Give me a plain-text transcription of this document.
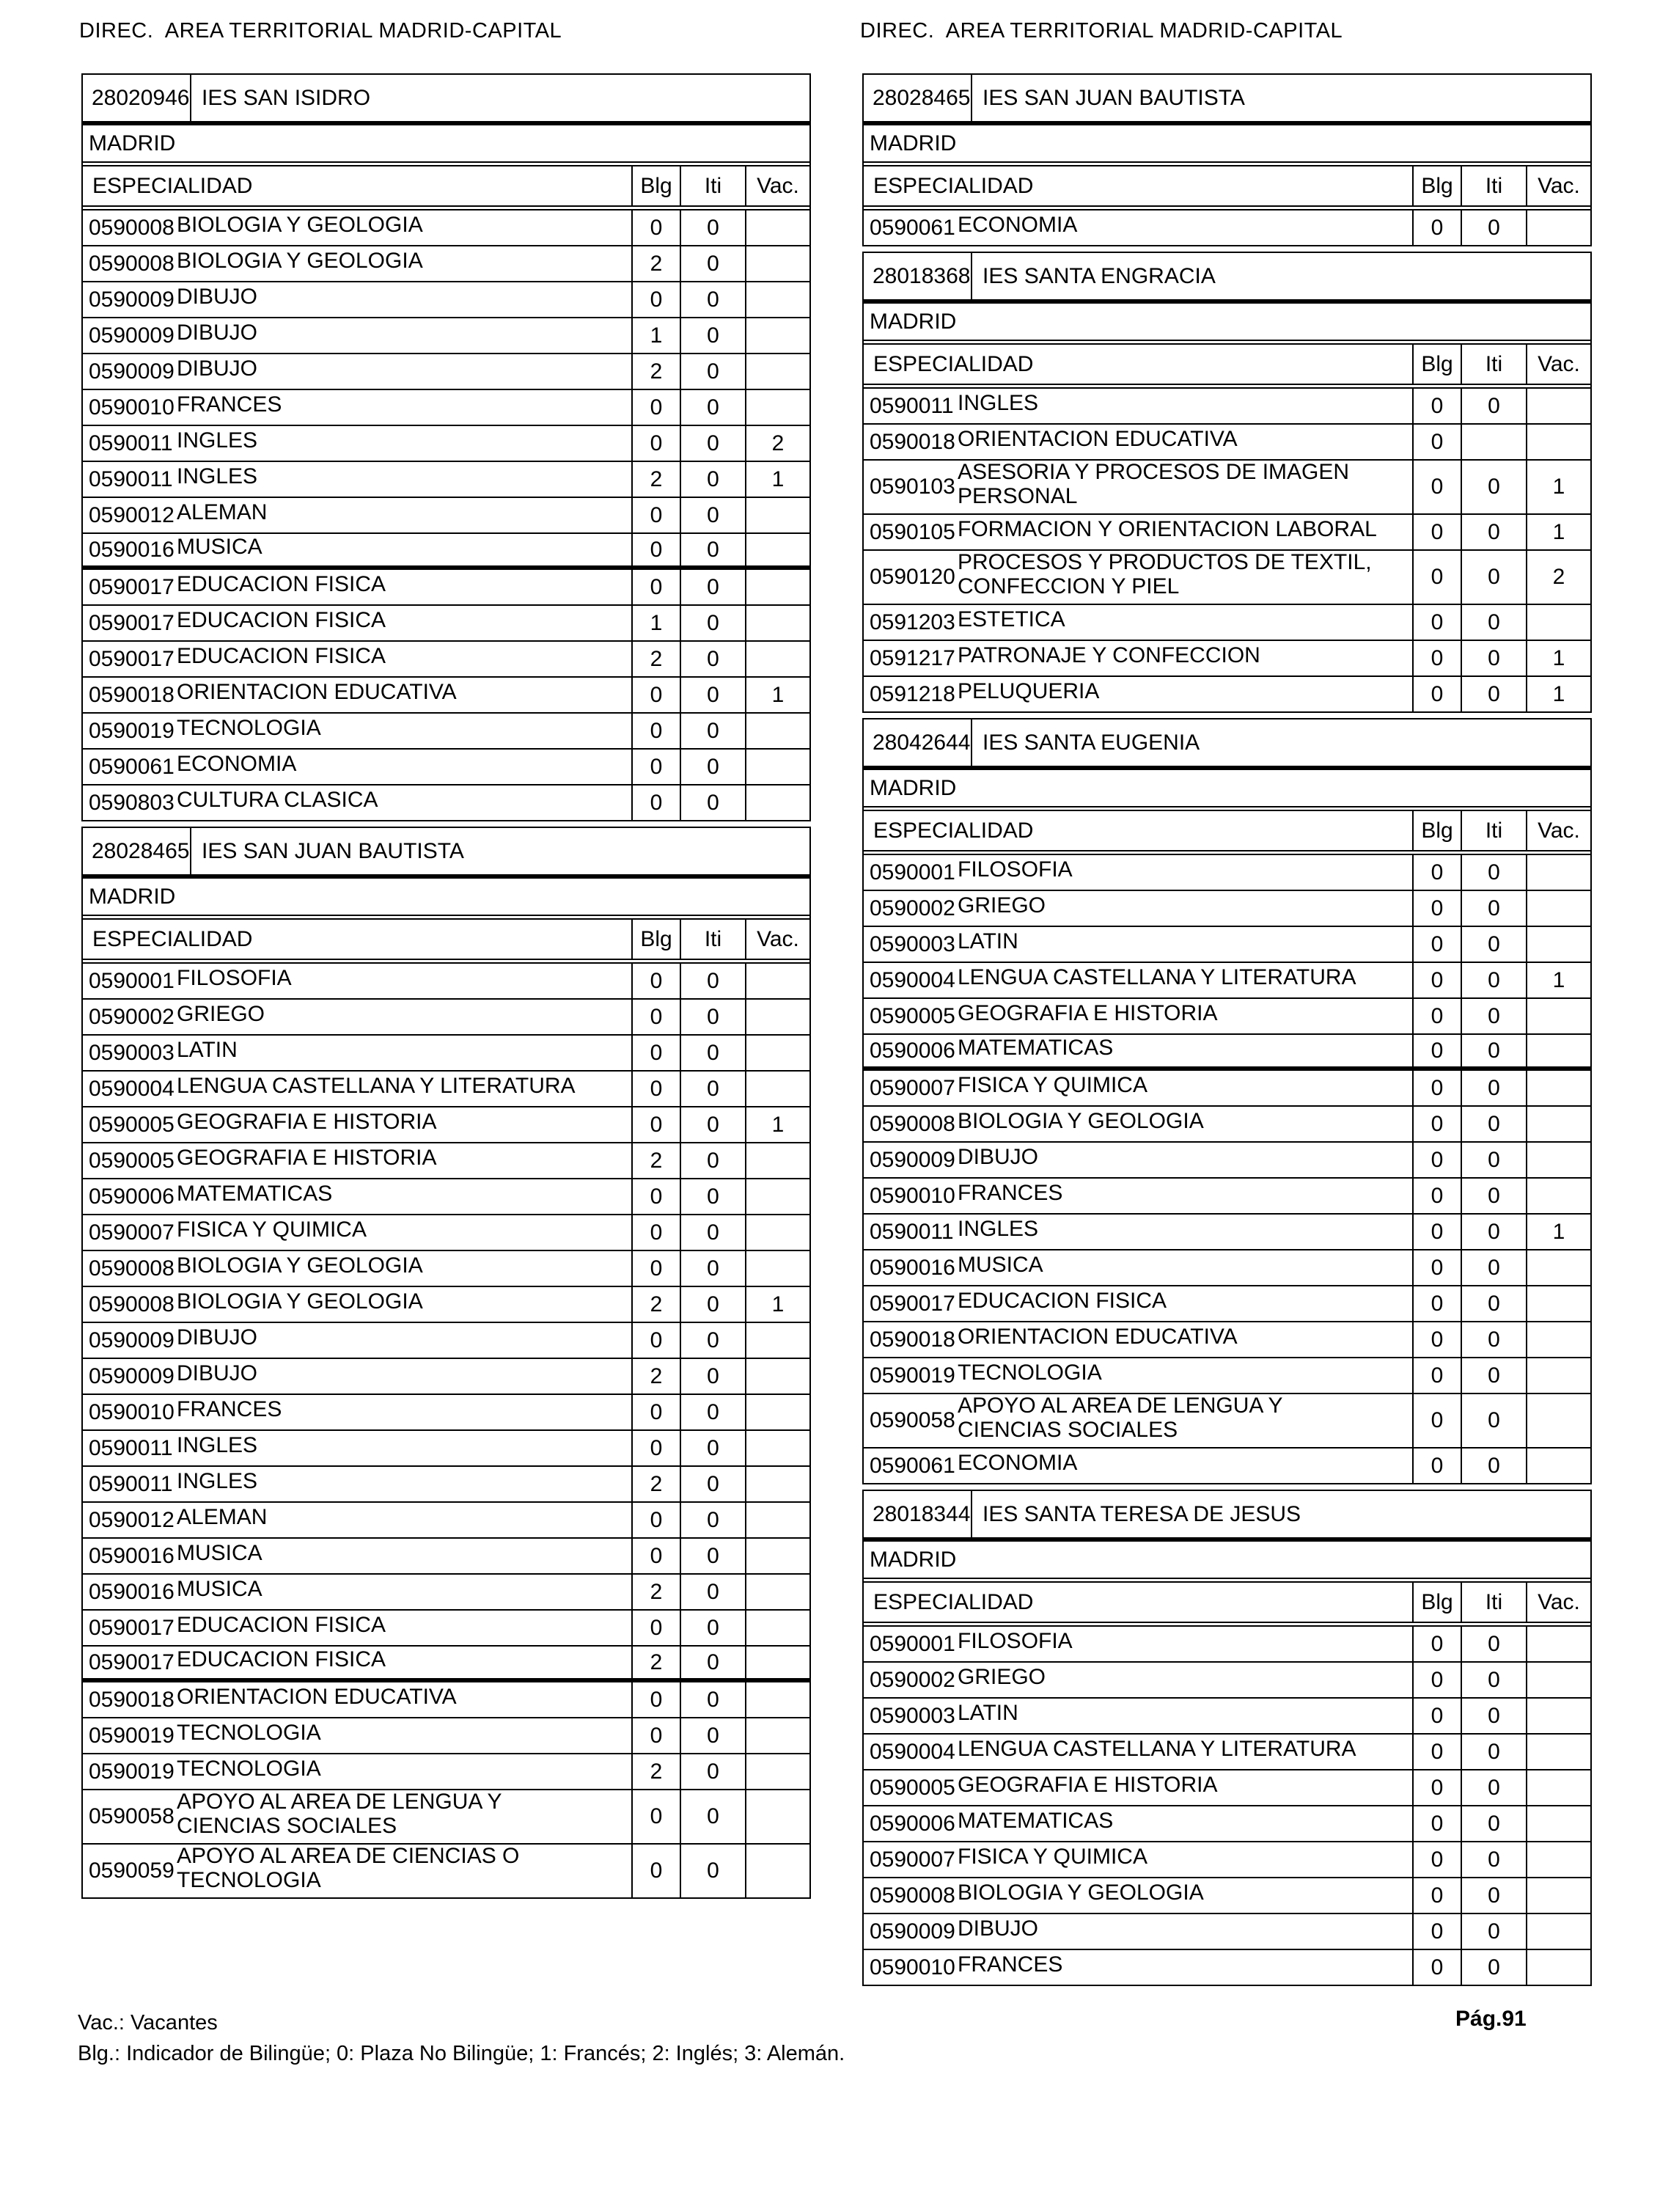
DIREC.  AREA TERRITORIAL MADRID-CAPITAL	DIREC.  AREA TERRITORIAL MADRID-CAPITAL
28020946 IES SAN ISIDRO
MADRID
ESPECIALIDAD	Blg	Iti	Vac.
0590008 BIOLOGIA Y GEOLOGIA	0	0
0590008 BIOLOGIA Y GEOLOGIA	2	0
0590009 DIBUJO	0	0
0590009 DIBUJO	1	0
0590009 DIBUJO	2	0
0590010 FRANCES	0	0
0590011 INGLES	0	0	2
0590011 INGLES	2	0	1
0590012 ALEMAN	0	0
0590016 MUSICA	0	0
0590017 EDUCACION FISICA	0	0
0590017 EDUCACION FISICA	1	0
0590017 EDUCACION FISICA	2	0
0590018 ORIENTACION EDUCATIVA	0	0	1
0590019 TECNOLOGIA	0	0
0590061 ECONOMIA	0	0
0590803 CULTURA CLASICA	0	0
28028465 IES SAN JUAN BAUTISTA
MADRID
ESPECIALIDAD	Blg	Iti	Vac.
0590001 FILOSOFIA	0	0
0590002 GRIEGO	0	0
0590003 LATIN	0	0
0590004 LENGUA CASTELLANA Y LITERATURA	0	0
0590005 GEOGRAFIA E HISTORIA	0	0	1
0590005 GEOGRAFIA E HISTORIA	2	0
0590006 MATEMATICAS	0	0
0590007 FISICA Y QUIMICA	0	0
0590008 BIOLOGIA Y GEOLOGIA	0	0
0590008 BIOLOGIA Y GEOLOGIA	2	0	1
0590009 DIBUJO	0	0
0590009 DIBUJO	2	0
0590010 FRANCES	0	0
0590011 INGLES	0	0
0590011 INGLES	2	0
0590012 ALEMAN	0	0
0590016 MUSICA	0	0
0590016 MUSICA	2	0
0590017 EDUCACION FISICA	0	0
0590017 EDUCACION FISICA	2	0
0590018 ORIENTACION EDUCATIVA	0	0
0590019 TECNOLOGIA	0	0
0590019 TECNOLOGIA	2	0
0590058
APOYO AL AREA DE LENGUA Y
CIENCIAS SOCIALES	0	0
0590059
APOYO AL AREA DE CIENCIAS O
TECNOLOGIA	0	0
28028465 IES SAN JUAN BAUTISTA
MADRID
ESPECIALIDAD	Blg	Iti	Vac.
0590061 ECONOMIA	0	0
28018368 IES SANTA ENGRACIA
MADRID
ESPECIALIDAD	Blg	Iti	Vac.
0590011 INGLES	0	0
0590018 ORIENTACION EDUCATIVA	0
0590103
ASESORIA Y PROCESOS DE IMAGEN
PERSONAL	0	0	1
0590105 FORMACION Y ORIENTACION LABORAL	0	0	1
0590120
PROCESOS Y PRODUCTOS DE TEXTIL,
CONFECCION Y PIEL	0	0	2
0591203 ESTETICA	0	0
0591217 PATRONAJE Y CONFECCION	0	0	1
0591218 PELUQUERIA	0	0	1
28042644 IES SANTA EUGENIA
MADRID
ESPECIALIDAD	Blg	Iti	Vac.
0590001 FILOSOFIA	0	0
0590002 GRIEGO	0	0
0590003 LATIN	0	0
0590004 LENGUA CASTELLANA Y LITERATURA	0	0	1
0590005 GEOGRAFIA E HISTORIA	0	0
0590006 MATEMATICAS	0	0
0590007 FISICA Y QUIMICA	0	0
0590008 BIOLOGIA Y GEOLOGIA	0	0
0590009 DIBUJO	0	0
0590010 FRANCES	0	0
0590011 INGLES	0	0	1
0590016 MUSICA	0	0
0590017 EDUCACION FISICA	0	0
0590018 ORIENTACION EDUCATIVA	0	0
0590019 TECNOLOGIA	0	0
0590058
APOYO AL AREA DE LENGUA Y
CIENCIAS SOCIALES	0	0
0590061 ECONOMIA	0	0
28018344 IES SANTA TERESA DE JESUS
MADRID
ESPECIALIDAD	Blg	Iti	Vac.
0590001 FILOSOFIA	0	0
0590002 GRIEGO	0	0
0590003 LATIN	0	0
0590004 LENGUA CASTELLANA Y LITERATURA	0	0
0590005 GEOGRAFIA E HISTORIA	0	0
0590006 MATEMATICAS	0	0
0590007 FISICA Y QUIMICA	0	0
0590008 BIOLOGIA Y GEOLOGIA	0	0
0590009 DIBUJO	0	0
0590010 FRANCES	0	0
Vac.: Vacantes
Blg.: Indicador de Bilingüe; 0: Plaza No Bilingüe; 1: Francés; 2: Inglés; 3: Alemán.
Pág.91
